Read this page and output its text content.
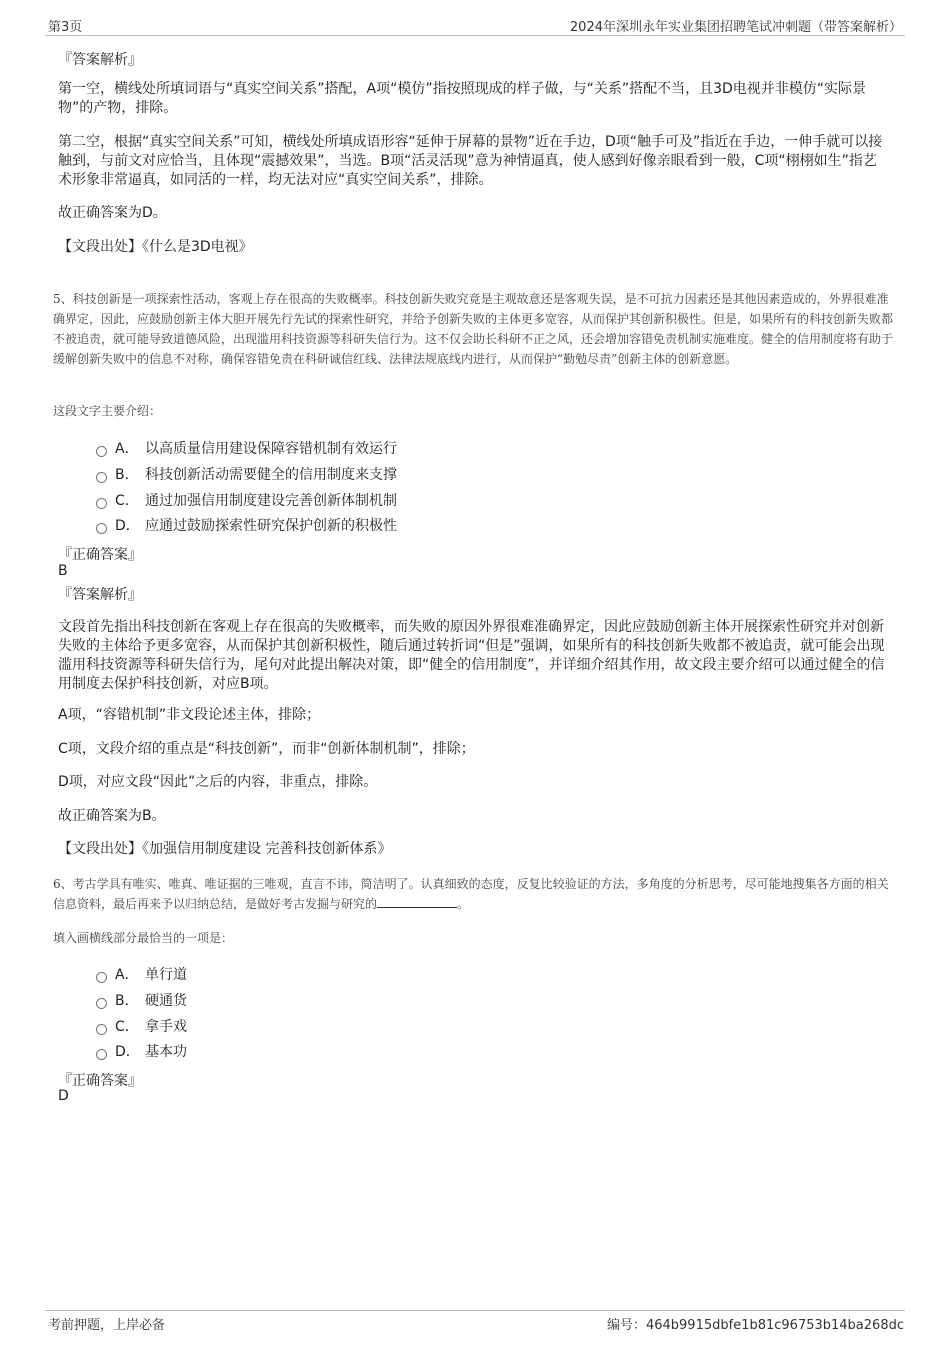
第3页	2024年深圳永年实业集团招聘笔试冲刺题（带答案解析）
『答案解析』
第一空，横线处所填词语与“真实空间关系”搭配，A项“模仿”指按照现成的样子做，与“关系”搭配不当，且3D电视并非模仿“实际景物”的产物，排除。
第二空，根据“真实空间关系”可知，横线处所填成语形容“延伸于屏幕的景物”近在手边，D项“触手可及”指近在手边，一伸手就可以接触到，与前文对应恰当，且体现“震撼效果”，当选。B项“活灵活现”意为神情逼真，使人感到好像亲眼看到一般，C项“栩栩如生”指艺术形象非常逼真，如同活的一样，均无法对应“真实空间关系”，排除。
故正确答案为D。
【文段出处】《什么是3D电视》
5、科技创新是一项探索性活动，客观上存在很高的失败概率。科技创新失败究竟是主观故意还是客观失误，是不可抗力因素还是其他因素造成的，外界很难准确界定，因此，应鼓励创新主体大胆开展先行先试的探索性研究，并给予创新失败的主体更多宽容，从而保护其创新积极性。但是，如果所有的科技创新失败都不被追责，就可能导致道德风险，出现滥用科技资源等科研失信行为。这不仅会助长科研不正之风，还会增加容错免责机制实施难度。健全的信用制度将有助于缓解创新失败中的信息不对称，确保容错免责在科研诚信红线、法律法规底线内进行，从而保护“勤勉尽责”创新主体的创新意愿。
这段文字主要介绍：
A． 以高质量信用建设保障容错机制有效运行
B． 科技创新活动需要健全的信用制度来支撑
C． 通过加强信用制度建设完善创新体制机制
D． 应通过鼓励探索性研究保护创新的积极性
『正确答案』
B
『答案解析』
文段首先指出科技创新在客观上存在很高的失败概率，而失败的原因外界很难准确界定，因此应鼓励创新主体开展探索性研究并对创新失败的主体给予更多宽容，从而保护其创新积极性，随后通过转折词“但是”强调，如果所有的科技创新失败都不被追责，就可能会出现滥用科技资源等科研失信行为，尾句对此提出解决对策，即“健全的信用制度”，并详细介绍其作用，故文段主要介绍可以通过健全的信用制度去保护科技创新，对应B项。
A项，“容错机制”非文段论述主体，排除；
C项，文段介绍的重点是“科技创新”，而非“创新体制机制”，排除；
D项，对应文段“因此”之后的内容，非重点，排除。
故正确答案为B。
【文段出处】《加强信用制度建设 完善科技创新体系》
6、考古学具有唯实、唯真、唯证据的三唯观，直言不讳，简洁明了。认真细致的态度，反复比较验证的方法，多角度的分析思考，尽可能地搜集各方面的相关信息资料，最后再来予以归纳总结，是做好考古发掘与研究的	。
填入画横线部分最恰当的一项是：
A． 单行道
B． 硬通货
C． 拿手戏
D． 基本功
『正确答案』
D
考前押题，上岸必备	编号：464b9915dbfe1b81c96753b14ba268dc
